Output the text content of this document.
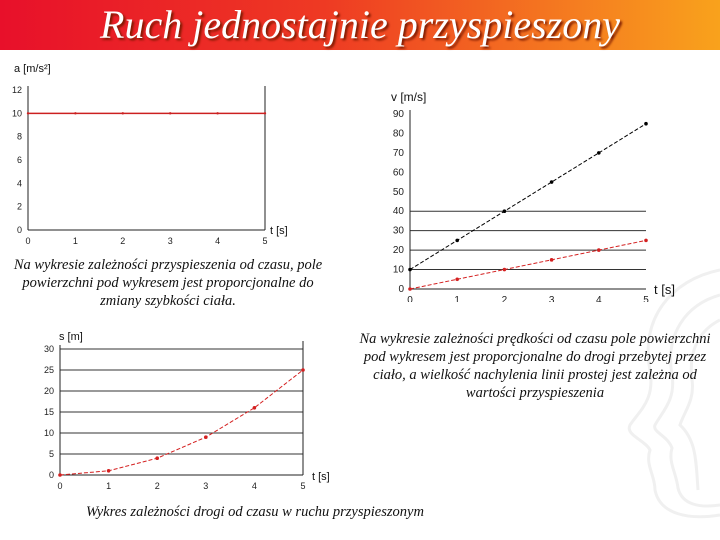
Ruch jednostajnie przyspieszony
0
2
4
6
8
10
12
0	1	2	3	4	5
a [m/s²]
t [s]
0
10
20
30
40
50
60
70
80
90
0	1	2	3	4	5
v [m/s]
t [s]
0
5
10
15
20
25
30
0	1	2	3	4	5
s [m]
t [s]
Na wykresie zależności przyspieszenia od czasu, pole powierzchni pod wykresem jest proporcjonalne do zmiany szybkości ciała.
Na wykresie zależności prędkości od czasu pole powierzchni pod wykresem jest proporcjonalne do drogi przebytej przez ciało, a wielkość nachylenia linii prostej jest zależna od wartości przyspieszenia
Wykres zależności drogi od czasu w ruchu przyspieszonym
